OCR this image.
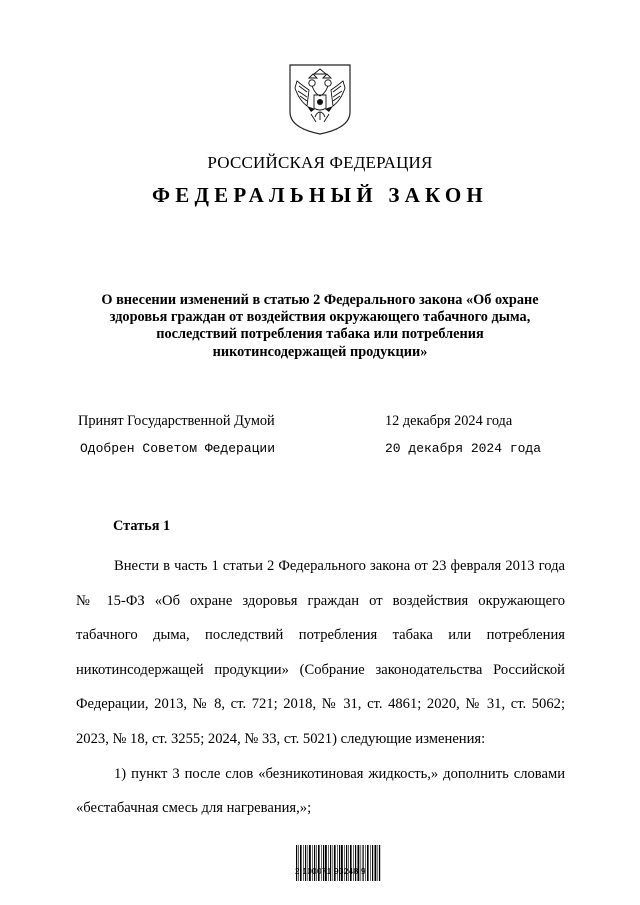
РОССИЙСКАЯ ФЕДЕРАЦИЯ
ФЕДЕРАЛЬНЫЙ ЗАКОН
О внесении изменений в статью 2 Федерального закона «Об охране
здоровья граждан от воздействия окружающего табачного дыма,
последствий потребления табака или потребления
никотинсодержащей продукции»
Принят Государственной Думой	12 декабря 2024 года
Одобрен Советом Федерации	20 декабря 2024 года
Статья 1

Внести в часть 1 статьи 2 Федерального закона от 23 февраля 2013 года № 15-ФЗ «Об охране здоровья граждан от воздействия окружающего табачного дыма, последствий потребления табака или потребления никотинсодержащей продукции» (Собрание законодательства Российской Федерации, 2013, № 8, ст. 721; 2018, № 31, ст. 4861; 2020, № 31, ст. 5062; 2023, № 18, ст. 3255; 2024, № 33, ст. 5021) следующие изменения:

1) пункт 3 после слов «безникотиновая жидкость,» дополнить словами «бестабачная смесь для нагревания,»;

2 100071 93248 9
